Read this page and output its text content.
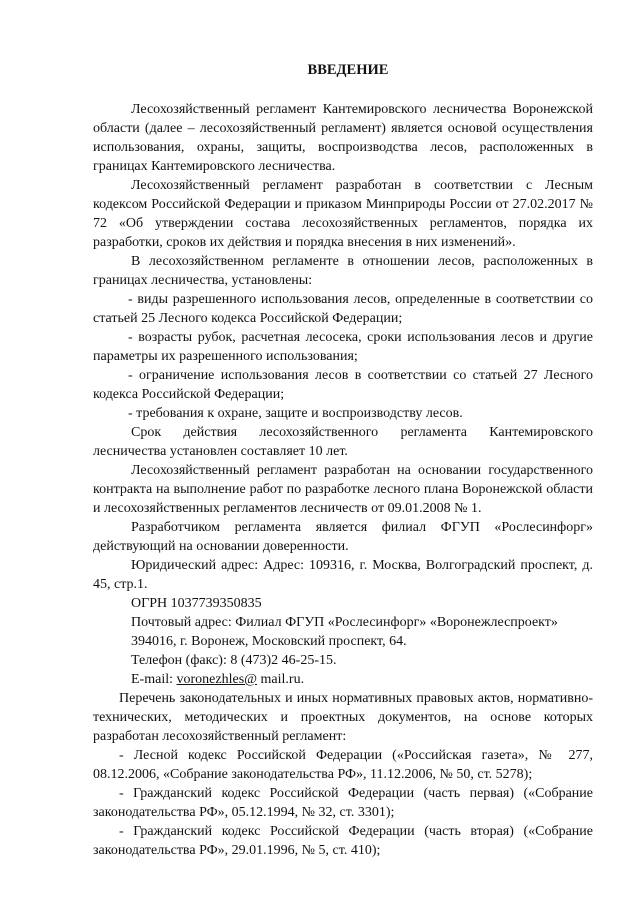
ВВЕДЕНИЕ

Лесохозяйственный регламент Кантемировского лесничества Воронежской области (далее – лесохозяйственный регламент) является основой осуществления использования, охраны, защиты, воспроизводства лесов, расположенных в границах Кантемировского лесничества.

Лесохозяйственный регламент разработан в соответствии с Лесным кодексом Российской Федерации и приказом Минприроды России от 27.02.2017 № 72 «Об утверждении состава лесохозяйственных регламентов, порядка их разработки, сроков их действия и порядка внесения в них изменений».

В лесохозяйственном регламенте в отношении лесов, расположенных в границах лесничества, установлены:

- виды разрешенного использования лесов, определенные в соответствии со статьей 25 Лесного кодекса Российской Федерации;

- возрасты рубок, расчетная лесосека, сроки использования лесов и другие параметры их разрешенного использования;

- ограничение использования лесов в соответствии со статьей 27 Лесного кодекса Российской Федерации;

- требования к охране, защите и воспроизводству лесов.

Срок действия лесохозяйственного регламента Кантемировского лесничества установлен составляет 10 лет.

Лесохозяйственный регламент разработан на основании государственного контракта на выполнение работ по разработке лесного плана Воронежской области и лесохозяйственных регламентов лесничеств от 09.01.2008 № 1.

Разработчиком регламента является филиал ФГУП «Рослесинфорг» действующий на основании доверенности.

Юридический адрес: Адрес: 109316, г. Москва, Волгоградский проспект, д. 45, стр.1.

ОГРН 1037739350835

Почтовый адрес: Филиал ФГУП «Рослесинфорг» «Воронежлеспроект»

394016, г. Воронеж, Московский проспект, 64.

Телефон (факс): 8 (473)2 46-25-15.

E-mail: voronezhles@ mail.ru.

Перечень законодательных и иных нормативных правовых актов, нормативно-технических, методических и проектных документов, на основе которых разработан лесохозяйственный регламент:

- Лесной кодекс Российской Федерации («Российская газета», № 277, 08.12.2006, «Собрание законодательства РФ», 11.12.2006, № 50, ст. 5278);

- Гражданский кодекс Российской Федерации (часть первая) («Собрание законодательства РФ», 05.12.1994, № 32, ст. 3301);

- Гражданский кодекс Российской Федерации (часть вторая) («Собрание законодательства РФ», 29.01.1996, № 5, ст. 410);
